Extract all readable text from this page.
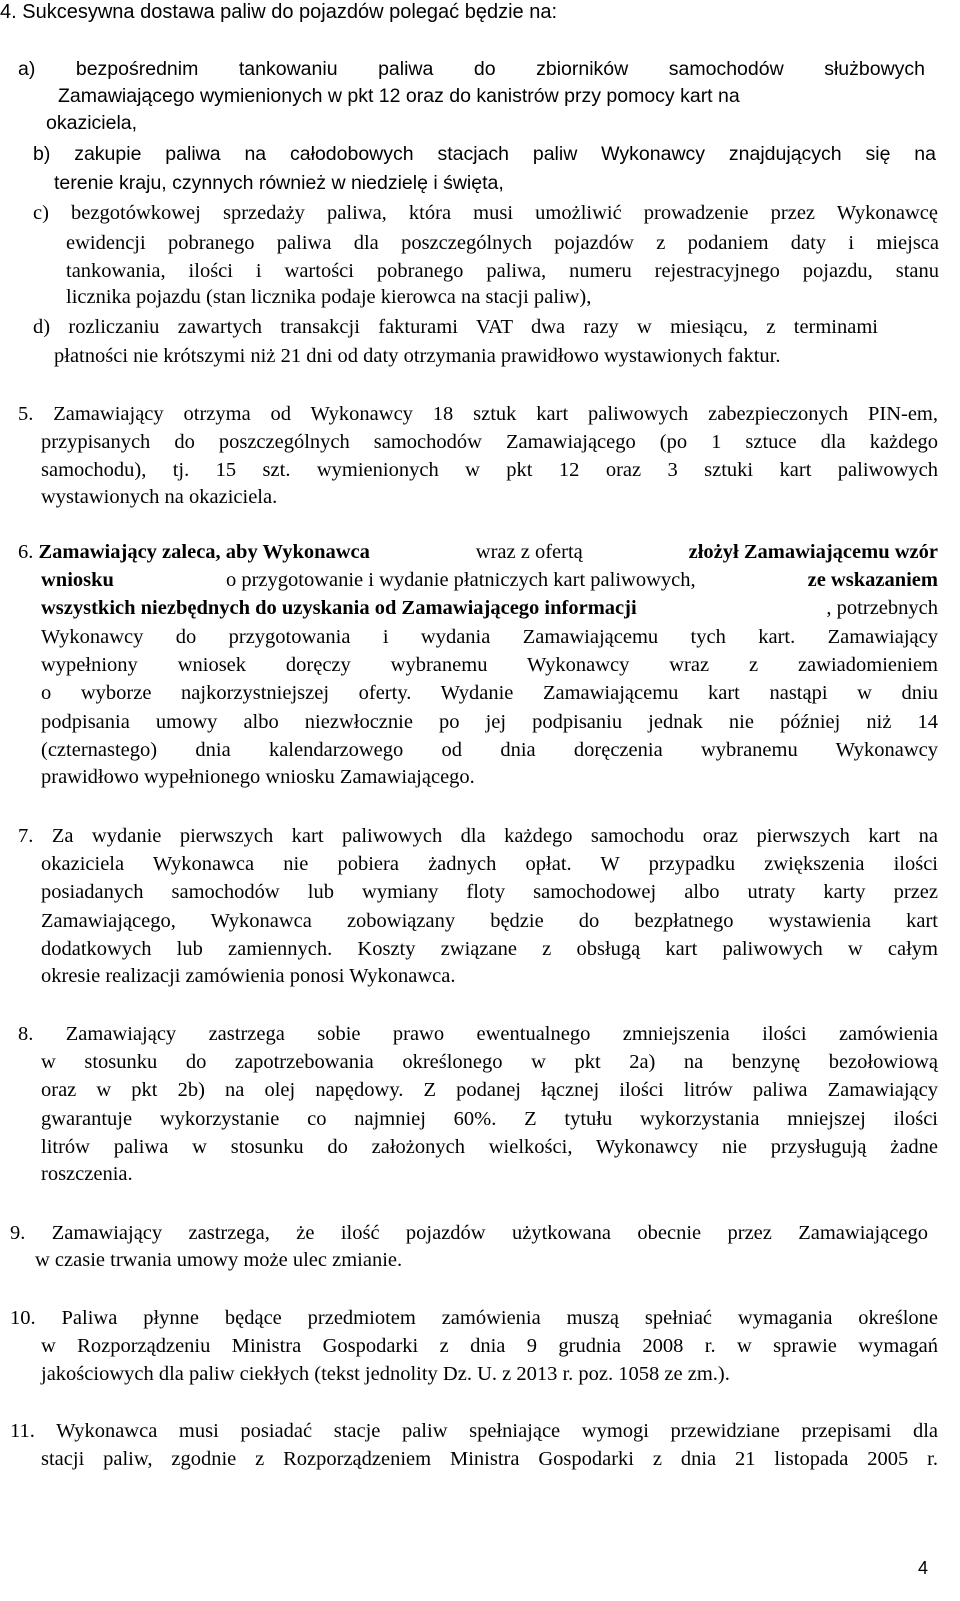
4. Sukcesywna dostawa paliw do pojazdów polegać będzie na:
a) bezpośrednim tankowaniu paliwa do zbiorników samochodów służbowych
Zamawiającego wymienionych w pkt 12 oraz do kanistrów przy pomocy kart na
okaziciela,
b) zakupie paliwa na całodobowych stacjach paliw Wykonawcy znajdujących się na
terenie kraju, czynnych również w niedzielę i święta,
c) bezgotówkowej sprzedaży paliwa, która musi umożliwić prowadzenie przez Wykonawcę
ewidencji pobranego paliwa dla poszczególnych pojazdów z podaniem daty i miejsca
tankowania, ilości i wartości pobranego paliwa, numeru rejestracyjnego pojazdu, stanu
licznika pojazdu (stan licznika podaje kierowca na stacji paliw),
d) rozliczaniu zawartych transakcji fakturami VAT dwa razy w miesiącu, z terminami
płatności nie krótszymi niż 21 dni od daty otrzymania prawidłowo wystawionych faktur.
5. Zamawiający otrzyma od Wykonawcy 18 sztuk kart paliwowych zabezpieczonych PIN-em,
przypisanych do poszczególnych samochodów Zamawiającego (po 1 sztuce dla każdego
samochodu), tj. 15 szt. wymienionych w pkt 12 oraz 3 sztuki kart paliwowych
wystawionych na okaziciela.
6. Zamawiający zaleca, aby Wykonawca	wraz z ofertą	złożył Zamawiającemu wzór
wniosku	o przygotowanie i wydanie płatniczych kart paliwowych,	ze wskazaniem
wszystkich niezbędnych do uzyskania od Zamawiającego informacji	, potrzebnych
Wykonawcy do przygotowania i wydania Zamawiającemu tych kart. Zamawiający
wypełniony wniosek doręczy wybranemu Wykonawcy wraz z zawiadomieniem
o wyborze najkorzystniejszej oferty. Wydanie Zamawiającemu kart nastąpi w dniu
podpisania umowy albo niezwłocznie po jej podpisaniu jednak nie później niż 14
(czternastego) dnia kalendarzowego od dnia doręczenia wybranemu Wykonawcy
prawidłowo wypełnionego wniosku Zamawiającego.
7. Za wydanie pierwszych kart paliwowych dla każdego samochodu oraz pierwszych kart na
okaziciela Wykonawca nie pobiera żadnych opłat. W przypadku zwiększenia ilości
posiadanych samochodów lub wymiany floty samochodowej albo utraty karty przez
Zamawiającego, Wykonawca zobowiązany będzie do bezpłatnego wystawienia kart
dodatkowych lub zamiennych. Koszty związane z obsługą kart paliwowych w całym
okresie realizacji zamówienia ponosi Wykonawca.
8. Zamawiający zastrzega sobie prawo ewentualnego zmniejszenia ilości zamówienia
w stosunku do zapotrzebowania określonego w pkt 2a) na benzynę bezołowiową
oraz w pkt 2b) na olej napędowy. Z podanej łącznej ilości litrów paliwa Zamawiający
gwarantuje wykorzystanie co najmniej 60%. Z tytułu wykorzystania mniejszej ilości
litrów paliwa w stosunku do założonych wielkości, Wykonawcy nie przysługują żadne
roszczenia.
9. Zamawiający zastrzega, że ilość pojazdów użytkowana obecnie przez Zamawiającego
w czasie trwania umowy może ulec zmianie.
10. Paliwa płynne będące przedmiotem zamówienia muszą spełniać wymagania określone
w Rozporządzeniu Ministra Gospodarki z dnia 9 grudnia 2008 r. w sprawie wymagań
jakościowych dla paliw ciekłych (tekst jednolity Dz. U. z 2013 r. poz. 1058 ze zm.).
11. Wykonawca musi posiadać stacje paliw spełniające wymogi przewidziane przepisami dla
stacji paliw, zgodnie z Rozporządzeniem Ministra Gospodarki z dnia 21 listopada 2005 r.
4
